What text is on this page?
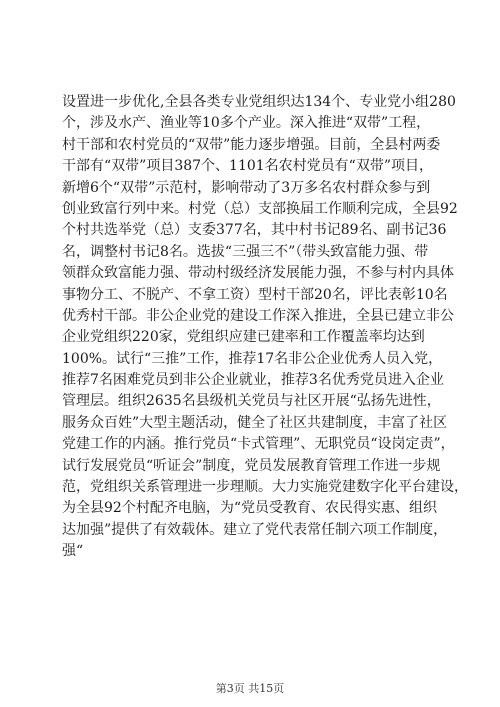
设置进一步优化,全县各类专业党组织达134个、专业党小组280
个，涉及水产、渔业等10多个产业。深入推进“双带”工程，
村干部和农村党员的“双带”能力逐步增强。目前，全县村两委
干部有“双带”项目387个、1101名农村党员有“双带”项目，
新增6个“双带”示范村，影响带动了3万多名农村群众参与到
创业致富行列中来。村党（总）支部换届工作顺利完成，全县92
个村共选举党（总）支委377名，其中村书记89名、副书记36
名，调整村书记8名。选拔“三强三不”（带头致富能力强、带
领群众致富能力强、带动村级经济发展能力强，不参与村内具体
事物分工、不脱产、不拿工资）型村干部20名，评比表彰10名
优秀村干部。非公企业党的建设工作深入推进，全县已建立非公
企业党组织220家，党组织应建已建率和工作覆盖率均达到
100%。试行“三推”工作，推荐17名非公企业优秀人员入党，
推荐7名困难党员到非公企业就业，推荐3名优秀党员进入企业
管理层。组织2635名县级机关党员与社区开展“弘扬先进性，
服务众百姓”大型主题活动，健全了社区共建制度，丰富了社区
党建工作的内涵。推行党员“卡式管理”、无职党员“设岗定责”，
试行发展党员“听证会”制度，党员发展教育管理工作进一步规
范，党组织关系管理进一步理顺。大力实施党建数字化平台建设，
为全县92个村配齐电脑，为“党员受教育、农民得实惠、组织
达加强”提供了有效载体。建立了党代表常任制六项工作制度，
强“
第3页 共15页
